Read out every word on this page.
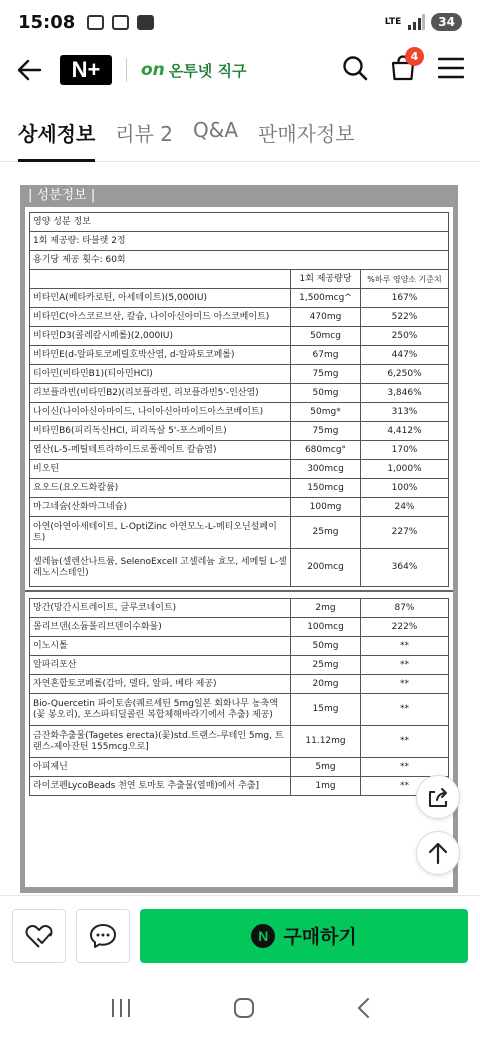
15:08	LTE	34
N+	on 온투넷 직구
4
상세정보 리뷰 2 Q&A 판매자정보
| 성분정보 |
영양 성분 정보		
1회 제공량: 타블렛 2정		
용기당 제공 횟수: 60회		
	1회 제공량당	%하루 영양소 기준치
비타민A(베타카로틴, 아세테이트)(5,000IU)	1,500mcg^	167%
비타민C(아스코르브산, 칼슘, 나이아신아미드 아스코베이트)	470mg	522%
비타민D3(콜레칼시페롤)(2,000IU)	50mcg	250%
비타민E(d-알파토코페릴호박산염, d-알파토코페롤)	67mg	447%
티아민(비타민B1)(티아민HCl)	75mg	6,250%
리보플라빈(비타민B2)(리보플라빈, 리보플라빈5'-인산염)	50mg	3,846%
나이신(나이아신아마이드, 나이아신아마이드아스코베이트)	50mg*	313%
비타민B6(피리독신HCl, 피리독살 5'-포스페이트)	75mg	4,412%
엽산(L-5-메틸테트라하이드로폴레이트 칼슘염)	680mcg°	170%
비오틴	300mcg	1,000%
요오드(요오드화칼륨)	150mcg	100%
마그네슘(산화마그네슘)	100mg	24%
아연(아연아세테이트, L-OptiZinc 아연모노-L-메티오닌설페이트)	25mg	227%
셀레늄(셀렌산나트륨, SelenoExcell 고셀레늄 효모, 세메틸 L-셀레노시스테인)	200mcg	364%
망간(망간시트레이트, 글루코네이트)	2mg	87%
몰리브덴(소듐몰리브덴이수화물)	100mcg	222%
이노시톨	50mg	**
알파리포산	25mg	**
자연혼합토코페롤(감마, 델타, 알파, 베타 제공)	20mg	**
Bio-Quercetin 파이토솜(퀘르세틴 5mg일본 회화나무 농축액(꽃 봉오리), 포스파티딜콜린 복합체해바라기에서 추출) 제공)	15mg	**
금잔화추출물(Tagetes erecta)(꽃)std.트랜스-루테인 5mg, 트랜스-제아잔틴 155mcg으로]	11.12mg	**
아피제닌	5mg	**
라이코펜LycoBeads 천연 토마토 추출물(열매)에서 추출]	1mg	**
N 구매하기
